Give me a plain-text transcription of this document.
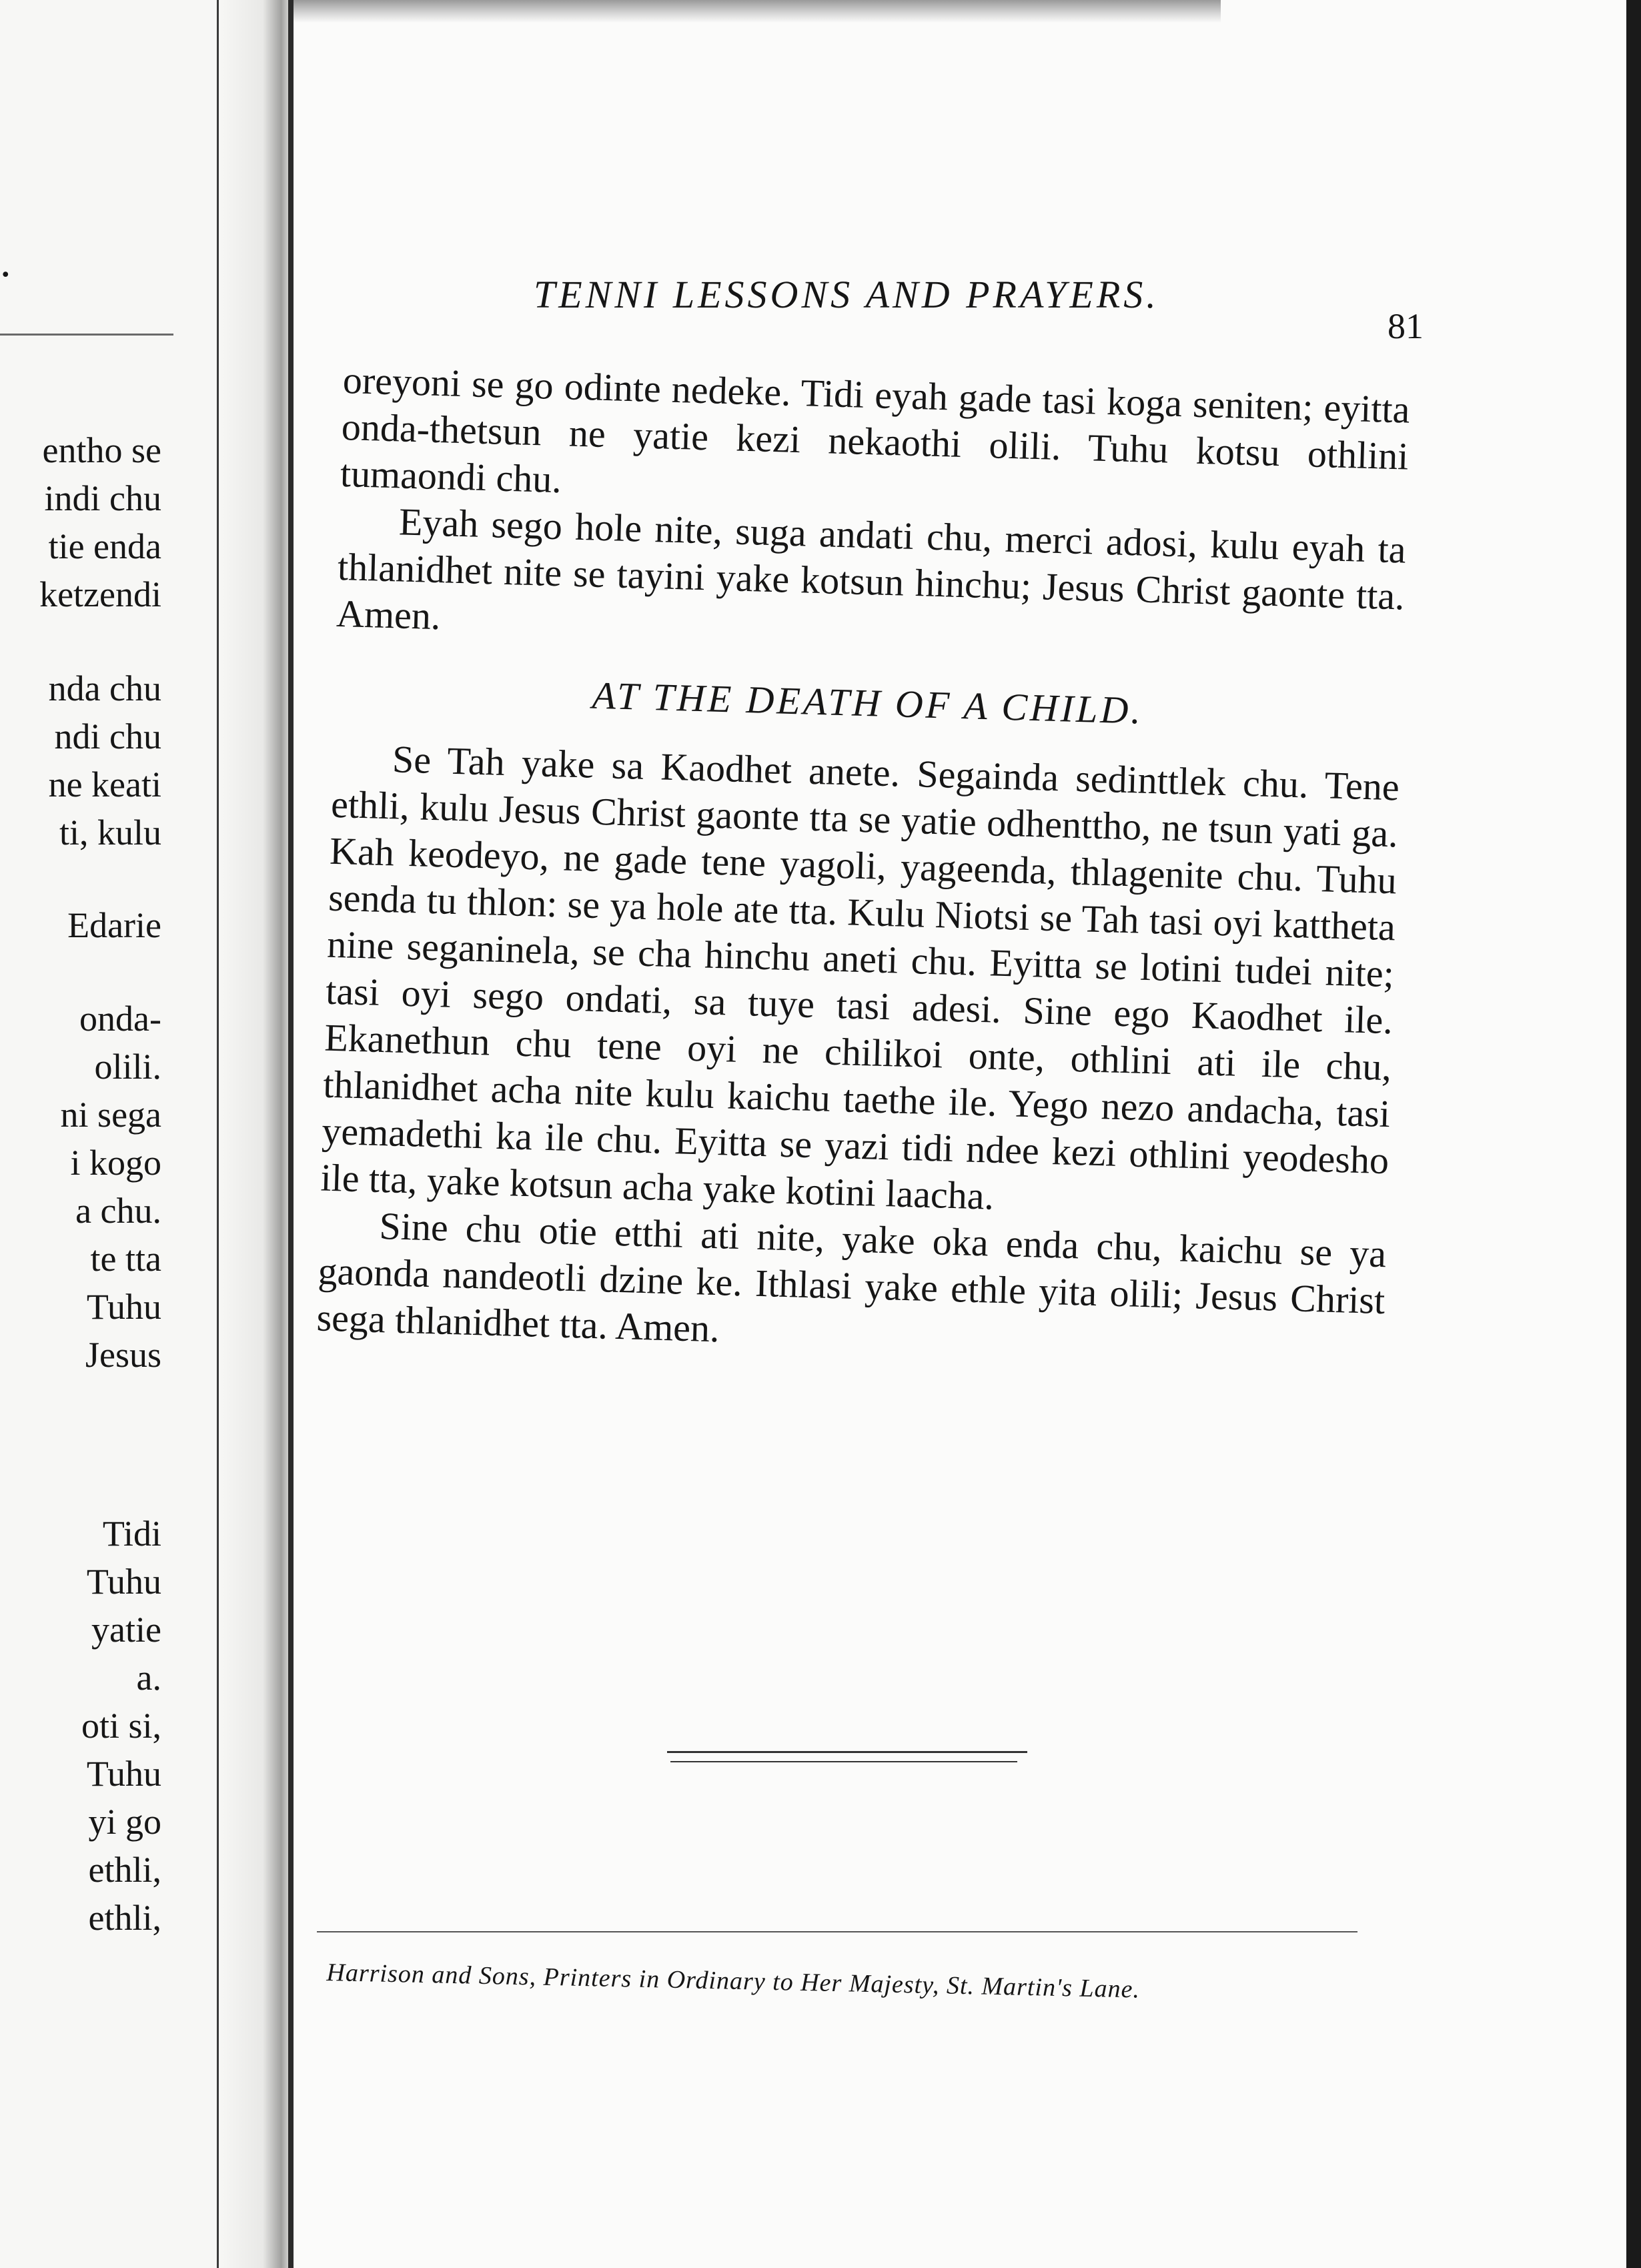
.
entho se
indi chu
tie enda
ketzendi
nda chu
ndi chu
ne keati
ti, kulu
Edarie
onda-
olili.
ni sega
i kogo
a chu.
te tta
Tuhu
Jesus
Tidi
Tuhu
yatie
a.
oti si,
Tuhu
yi go
ethli,
ethli,
TENNI LESSONS AND PRAYERS.
81

oreyoni se go odinte nedeke. Tidi eyah gade tasi koga seniten; eyitta onda-thetsun ne yatie kezi nekaothi olili. Tuhu kotsu othlini tumaondi chu.

Eyah sego hole nite, suga andati chu, merci adosi, kulu eyah ta thlanidhet nite se tayini yake kotsun hinchu; Jesus Christ gaonte tta. Amen.

AT THE DEATH OF A CHILD.

Se Tah yake sa Kaodhet anete. Segainda sedinttlek chu. Tene ethli, kulu Jesus Christ gaonte tta se yatie odhenttho, ne tsun yati ga. Kah keodeyo, ne gade tene yagoli, yageenda, thlagenite chu. Tuhu senda tu thlon: se ya hole ate tta. Kulu Niotsi se Tah tasi oyi kattheta nine seganinela, se cha hinchu aneti chu. Eyitta se lotini tudei nite; tasi oyi sego ondati, sa tuye tasi adesi. Sine ego Kaodhet ile. Ekanethun chu tene oyi ne chilikoi onte, othlini ati ile chu, thlanidhet acha nite kulu kaichu taethe ile. Yego nezo andacha, tasi yemadethi ka ile chu. Eyitta se yazi tidi ndee kezi othlini yeodesho ile tta, yake kotsun acha yake kotini laacha.

Sine chu otie etthi ati nite, yake oka enda chu, kaichu se ya gaonda nandeotli dzine ke. Ithlasi yake ethle yita olili; Jesus Christ sega thlanidhet tta. Amen.

Harrison and Sons, Printers in Ordinary to Her Majesty, St. Martin's Lane.
